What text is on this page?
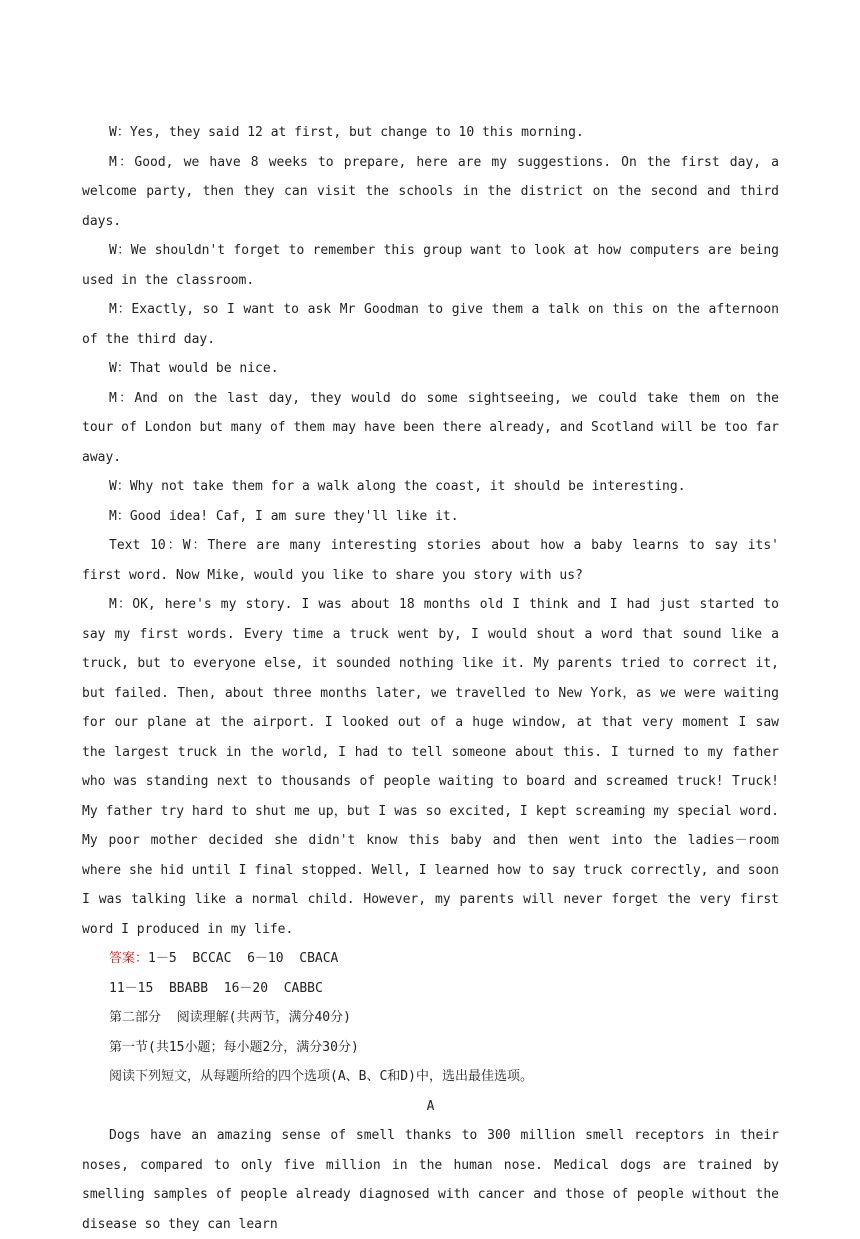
W：Yes, they said 12 at first, but change to 10 this morning.

M：Good, we have 8 weeks to prepare, here are my suggestions. On the first day, a welcome party, then they can visit the schools in the district on the second and third days.

W：We shouldn't forget to remember this group want to look at how computers are being used in the classroom.

M：Exactly, so I want to ask Mr Goodman to give them a talk on this on the afternoon of the third day.

W：That would be nice.

M：And on the last day, they would do some sightseeing, we could take them on the tour of London but many of them may have been there already, and Scotland will be too far away.

W：Why not take them for a walk along the coast, it should be interesting.

M：Good idea! Caf, I am sure they'll like it.

Text 10：W：There are many interesting stories about how a baby learns to say its' first word. Now Mike, would you like to share you story with us?

M：OK, here's my story. I was about 18 months old I think and I had just started to say my first words. Every time a truck went by, I would shout a word that sound like a truck, but to everyone else, it sounded nothing like it. My parents tried to correct it, but failed. Then, about three months later, we travelled to New York，as we were waiting for our plane at the airport. I looked out of a huge window, at that very moment I saw the largest truck in the world, I had to tell someone about this. I turned to my father who was standing next to thousands of people waiting to board and screamed truck! Truck! My father try hard to shut me up，but I was so excited, I kept screaming my special word. My poor mother decided she didn't know this baby and then went into the ladies－room where she hid until I final stopped. Well, I learned how to say truck correctly, and soon I was talking like a normal child. However, my parents will never forget the very first word I produced in my life.

答案：1－5  BCCAC  6－10  CBACA

11－15  BBABB  16－20  CABBC

第二部分  阅读理解(共两节，满分40分)

第一节(共15小题；每小题2分，满分30分)

阅读下列短文，从每题所给的四个选项(A、B、C和D)中，选出最佳选项。

A

Dogs have an amazing sense of smell thanks to 300 million smell receptors in their noses, compared to only five million in the human nose. Medical dogs are trained by smelling samples of people already diagnosed with cancer and those of people without the disease so they can learn
